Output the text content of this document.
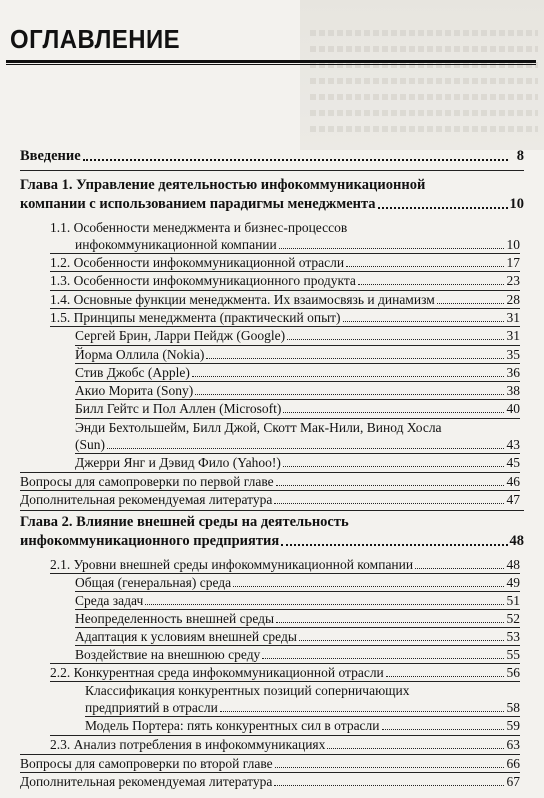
ОГЛАВЛЕНИЕ
Введение	8
Глава 1. Управление деятельностью инфокоммуникационной
компании с использованием парадигмы менеджмента	10
1.1. Особенности менеджмента и бизнес-процессов
инфокоммуникационной компании	10
1.2. Особенности инфокоммуникационной отрасли	17
1.3. Особенности инфокоммуникационного продукта	23
1.4. Основные функции менеджмента. Их взаимосвязь и динамизм	28
1.5. Принципы менеджмента (практический опыт)	31
Сергей Брин, Ларри Пейдж (Google)	31
Йорма Оллила (Nokia)	35
Стив Джобс (Apple)	36
Акио Морита (Sony)	38
Билл Гейтс и Пол Аллен (Microsoft)	40
Энди Бехтольшейм, Билл Джой, Скотт Мак-Нили, Винод Хосла
(Sun)	43
Джерри Янг и Дэвид Фило (Yahoo!)	45
Вопросы для самопроверки по первой главе	46
Дополнительная рекомендуемая литература	47
Глава 2. Влияние внешней среды на деятельность
инфокоммуникационного предприятия	48
2.1. Уровни внешней среды инфокоммуникационной компании	48
Общая (генеральная) среда	49
Среда задач	51
Неопределенность внешней среды	52
Адаптация к условиям внешней среды	53
Воздействие на внешнюю среду	55
2.2. Конкурентная среда инфокоммуникационной отрасли	56
Классификация конкурентных позиций соперничающих
предприятий в отрасли	58
Модель Портера: пять конкурентных сил в отрасли	59
2.3. Анализ потребления в инфокоммуникациях	63
Вопросы для самопроверки по второй главе	66
Дополнительная рекомендуемая литература	67
